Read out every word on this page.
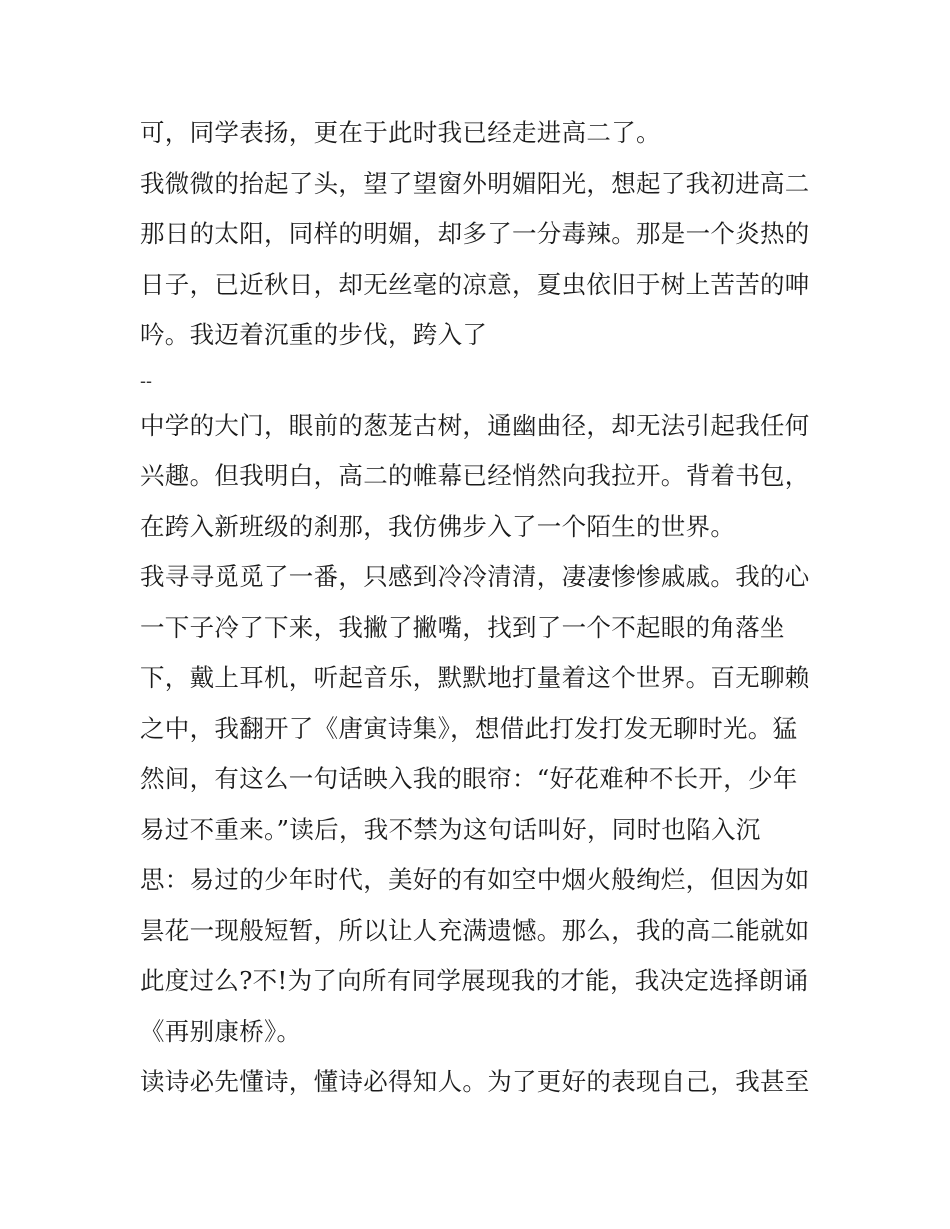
可，同学表扬，更在于此时我已经走进高二了。
我微微的抬起了头，望了望窗外明媚阳光，想起了我初进高二
那日的太阳，同样的明媚，却多了一分毒辣。那是一个炎热的
日子，已近秋日，却无丝毫的凉意，夏虫依旧于树上苦苦的呻
吟。我迈着沉重的步伐，跨入了
--
中学的大门，眼前的葱茏古树，通幽曲径，却无法引起我任何
兴趣。但我明白，高二的帷幕已经悄然向我拉开。背着书包，
在跨入新班级的刹那，我仿佛步入了一个陌生的世界。
我寻寻觅觅了一番，只感到冷冷清清，凄凄惨惨戚戚。我的心
一下子冷了下来，我撇了撇嘴，找到了一个不起眼的角落坐
下，戴上耳机，听起音乐，默默地打量着这个世界。百无聊赖
之中，我翻开了《唐寅诗集》，想借此打发打发无聊时光。猛
然间，有这么一句话映入我的眼帘：“好花难种不长开，少年
易过不重来。”读后，我不禁为这句话叫好，同时也陷入沉
思：易过的少年时代，美好的有如空中烟火般绚烂，但因为如
昙花一现般短暂，所以让人充满遗憾。那么，我的高二能就如
此度过么?不!为了向所有同学展现我的才能，我决定选择朗诵
《再别康桥》。
读诗必先懂诗，懂诗必得知人。为了更好的表现自己，我甚至
